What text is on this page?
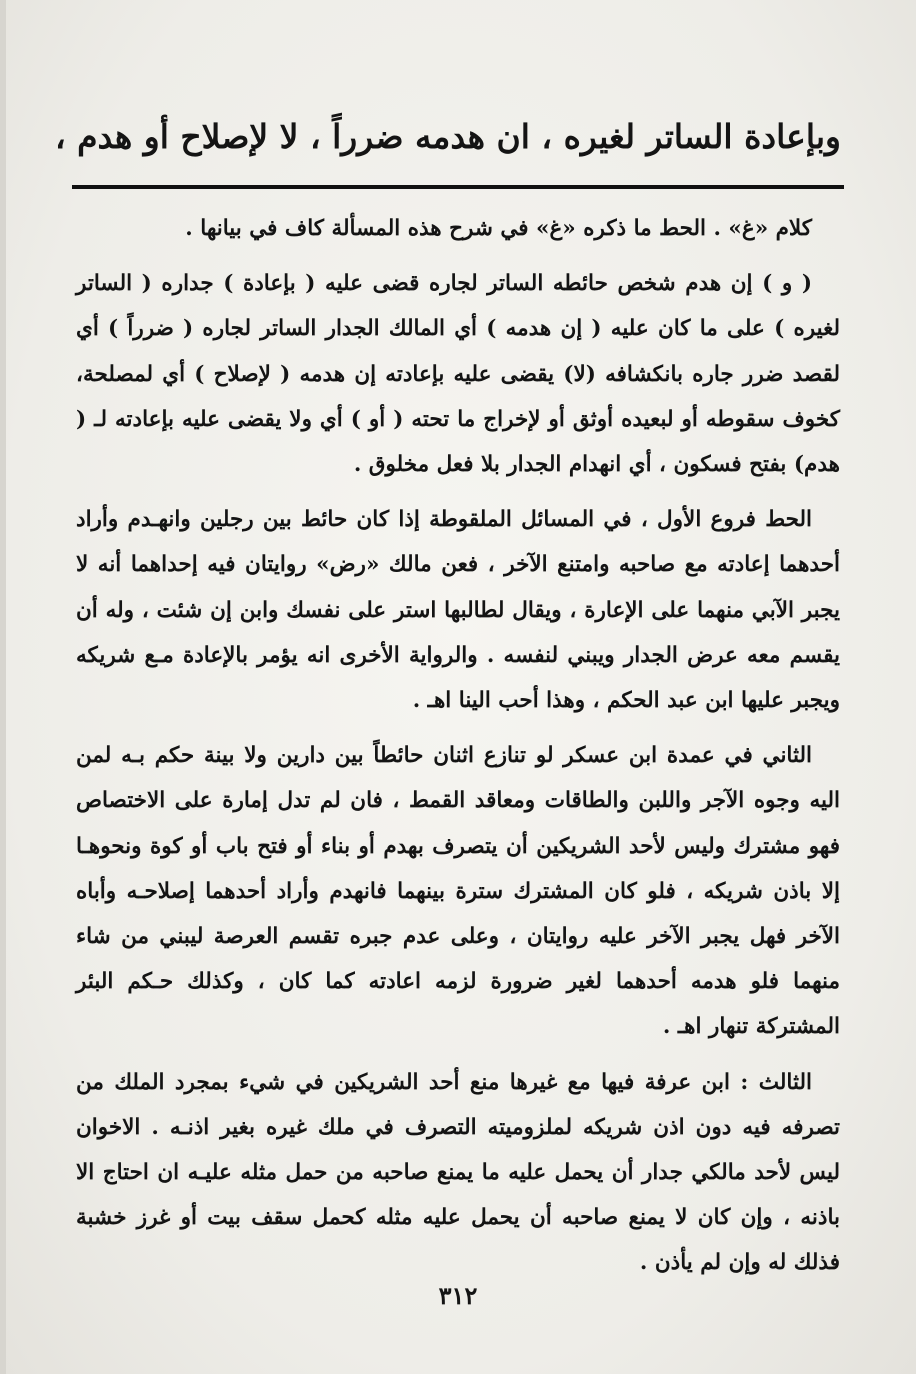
وبإعادة الساتر لغيره ، ان هدمه ضرراً ، لا لإصلاح أو هدم ،

كلام «غ» . الحط ما ذكره «غ» في شرح هذه المسألة كاف في بيانها .

( و ) إن هدم شخص حائطه الساتر لجاره قضى عليه ( بإعادة ) جداره ( الساتر لغيره ) على ما كان عليه ( إن هدمه ) أي المالك الجدار الساتر لجاره ( ضرراً ) أي لقصد ضرر جاره بانكشافه (لا) يقضى عليه بإعادته إن هدمه ( لإصلاح ) أي لمصلحة، كخوف سقوطه أو لبعيده أوثق أو لإخراج ما تحته ( أو ) أي ولا يقضى عليه بإعادته لـ ( هدم) بفتح فسكون ، أي انهدام الجدار بلا فعل مخلوق .

الحط فروع الأول ، في المسائل الملقوطة إذا كان حائط بين رجلين وانهـدم وأراد أحدهما إعادته مع صاحبه وامتنع الآخر ، فعن مالك «رض» روايتان فيه إحداهما أنه لا يجبر الآبي منهما على الإعارة ، ويقال لطالبها استر على نفسك وابن إن شئت ، وله أن يقسم معه عرض الجدار ويبني لنفسه . والرواية الأخرى انه يؤمر بالإعادة مـع شريكه ويجبر عليها ابن عبد الحكم ، وهذا أحب الينا اهـ .

الثاني في عمدة ابن عسكر لو تنازع اثنان حائطاً بين دارين ولا بينة حكم بـه لمن اليه وجوه الآجر واللبن والطاقات ومعاقد القمط ، فان لم تدل إمارة على الاختصاص فهو مشترك وليس لأحد الشريكين أن يتصرف بهدم أو بناء أو فتح باب أو كوة ونحوهـا إلا باذن شريكه ، فلو كان المشترك سترة بينهما فانهدم وأراد أحدهما إصلاحـه وأباه الآخر فهل يجبر الآخر عليه روايتان ، وعلى عدم جبره تقسم العرصة ليبني من شاء منهما فلو هدمه أحدهما لغير ضرورة لزمه اعادته كما كان ، وكذلك حـكم البئر المشتركة تنهار اهـ .

الثالث : ابن عرفة فيها مع غيرها منع أحد الشريكين في شيء بمجرد الملك من تصرفه فيه دون اذن شريكه لملزوميته التصرف في ملك غيره بغير اذنـه . الاخوان ليس لأحد مالكي جدار أن يحمل عليه ما يمنع صاحبه من حمل مثله عليـه ان احتاج الا باذنه ، وإن كان لا يمنع صاحبه أن يحمل عليه مثله كحمل سقف بيت أو غرز خشبة فذلك له وإن لم يأذن .

٣١٢
